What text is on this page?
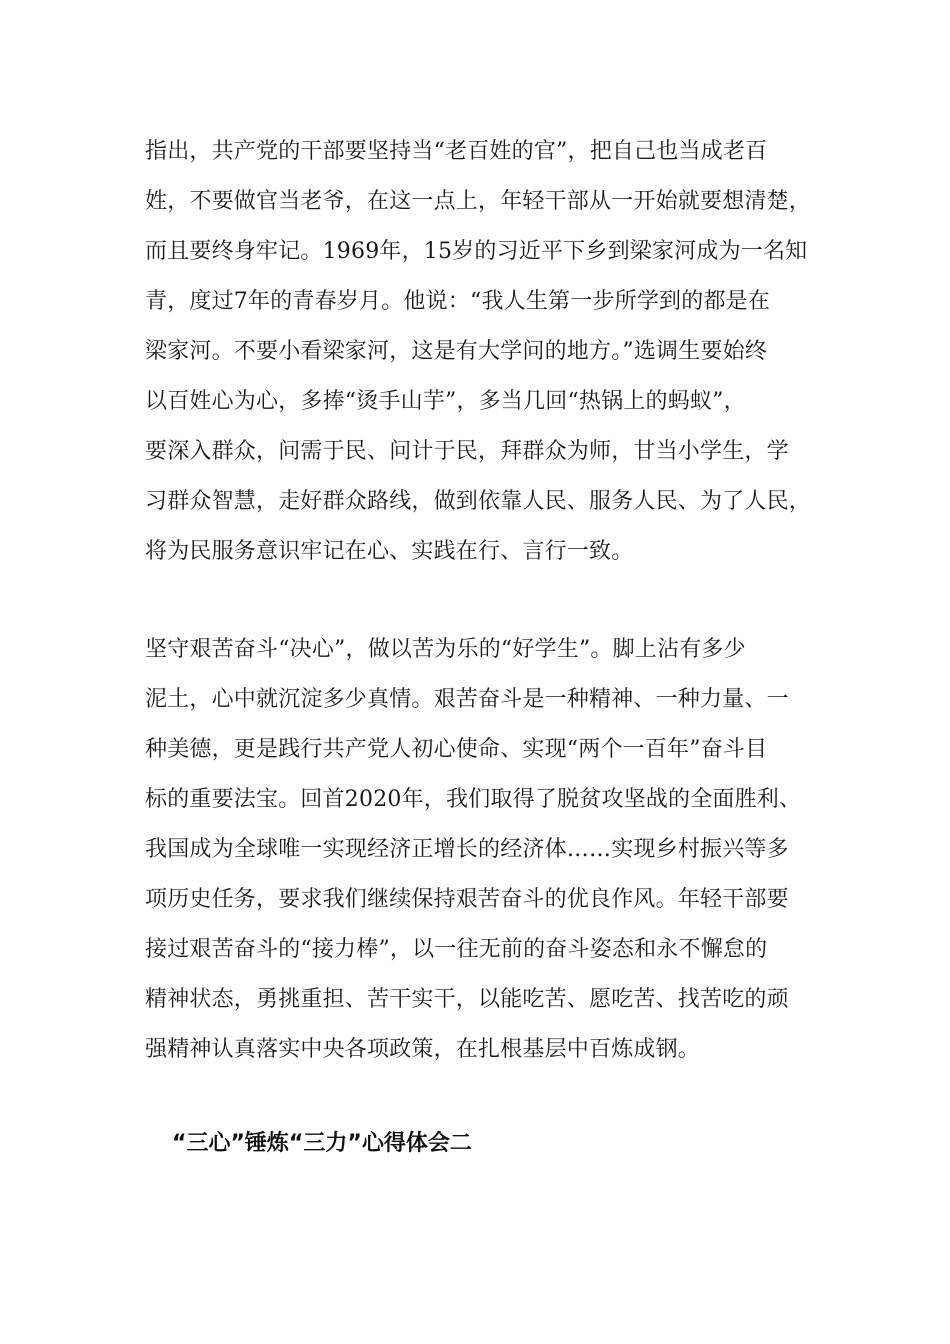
指出，共产党的干部要坚持当“老百姓的官”，把自己也当成老百
姓，不要做官当老爷，在这一点上，年轻干部从一开始就要想清楚，
而且要终身牢记。1969年，15岁的习近平下乡到梁家河成为一名知
青，度过7年的青春岁月。他说：“我人生第一步所学到的都是在
梁家河。不要小看梁家河，这是有大学问的地方。”选调生要始终
以百姓心为心，多捧“烫手山芋”，多当几回“热锅上的蚂蚁”，
要深入群众，问需于民、问计于民，拜群众为师，甘当小学生，学
习群众智慧，走好群众路线，做到依靠人民、服务人民、为了人民，
将为民服务意识牢记在心、实践在行、言行一致。
坚守艰苦奋斗“决心”，做以苦为乐的“好学生”。脚上沾有多少
泥土，心中就沉淀多少真情。艰苦奋斗是一种精神、一种力量、一
种美德，更是践行共产党人初心使命、实现“两个一百年”奋斗目
标的重要法宝。回首2020年，我们取得了脱贫攻坚战的全面胜利、
我国成为全球唯一实现经济正增长的经济体……实现乡村振兴等多
项历史任务，要求我们继续保持艰苦奋斗的优良作风。年轻干部要
接过艰苦奋斗的“接力棒”，以一往无前的奋斗姿态和永不懈怠的
精神状态，勇挑重担、苦干实干，以能吃苦、愿吃苦、找苦吃的顽
强精神认真落实中央各项政策，在扎根基层中百炼成钢。
“三心”锤炼“三力”心得体会二
